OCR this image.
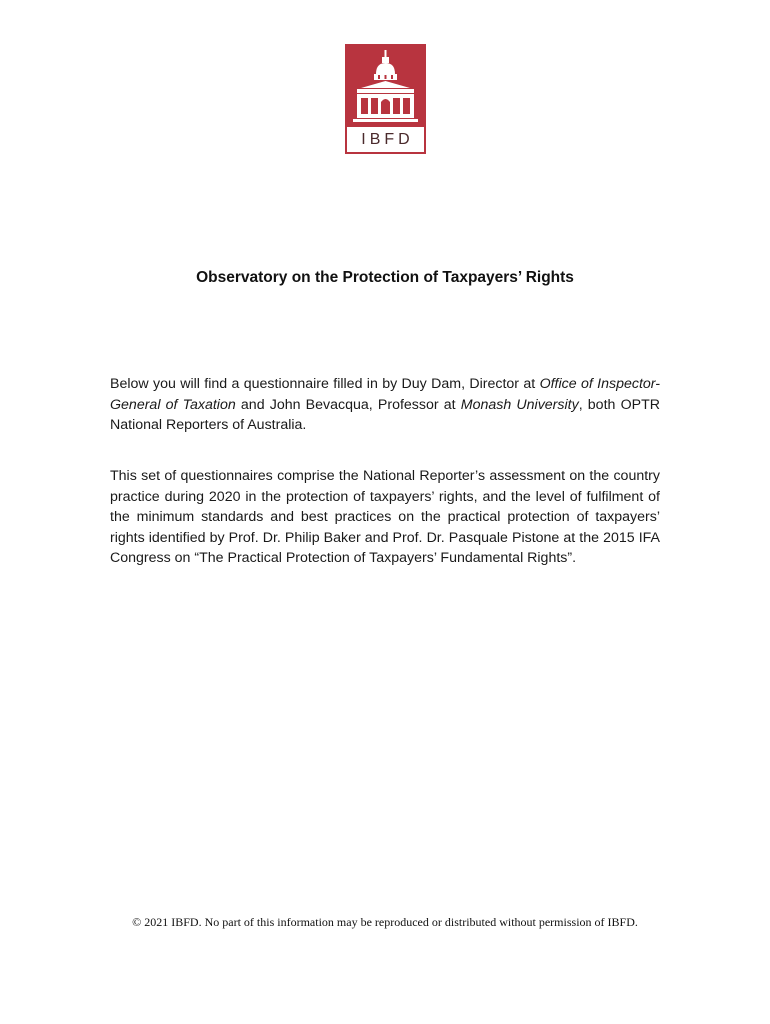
IBFD
Observatory on the Protection of Taxpayers’ Rights

Below you will find a questionnaire filled in by Duy Dam, Director at Office of Inspector-General of Taxation and John Bevacqua, Professor at Monash University, both OPTR National Reporters of Australia.

This set of questionnaires comprise the National Reporter’s assessment on the country practice during 2020 in the protection of taxpayers’ rights, and the level of fulfilment of the minimum standards and best practices on the practical protection of taxpayers’ rights identified by Prof. Dr. Philip Baker and Prof. Dr. Pasquale Pistone at the 2015 IFA Congress on “The Practical Protection of Taxpayers’ Fundamental Rights”.

© 2021 IBFD. No part of this information may be reproduced or distributed without permission of IBFD.
